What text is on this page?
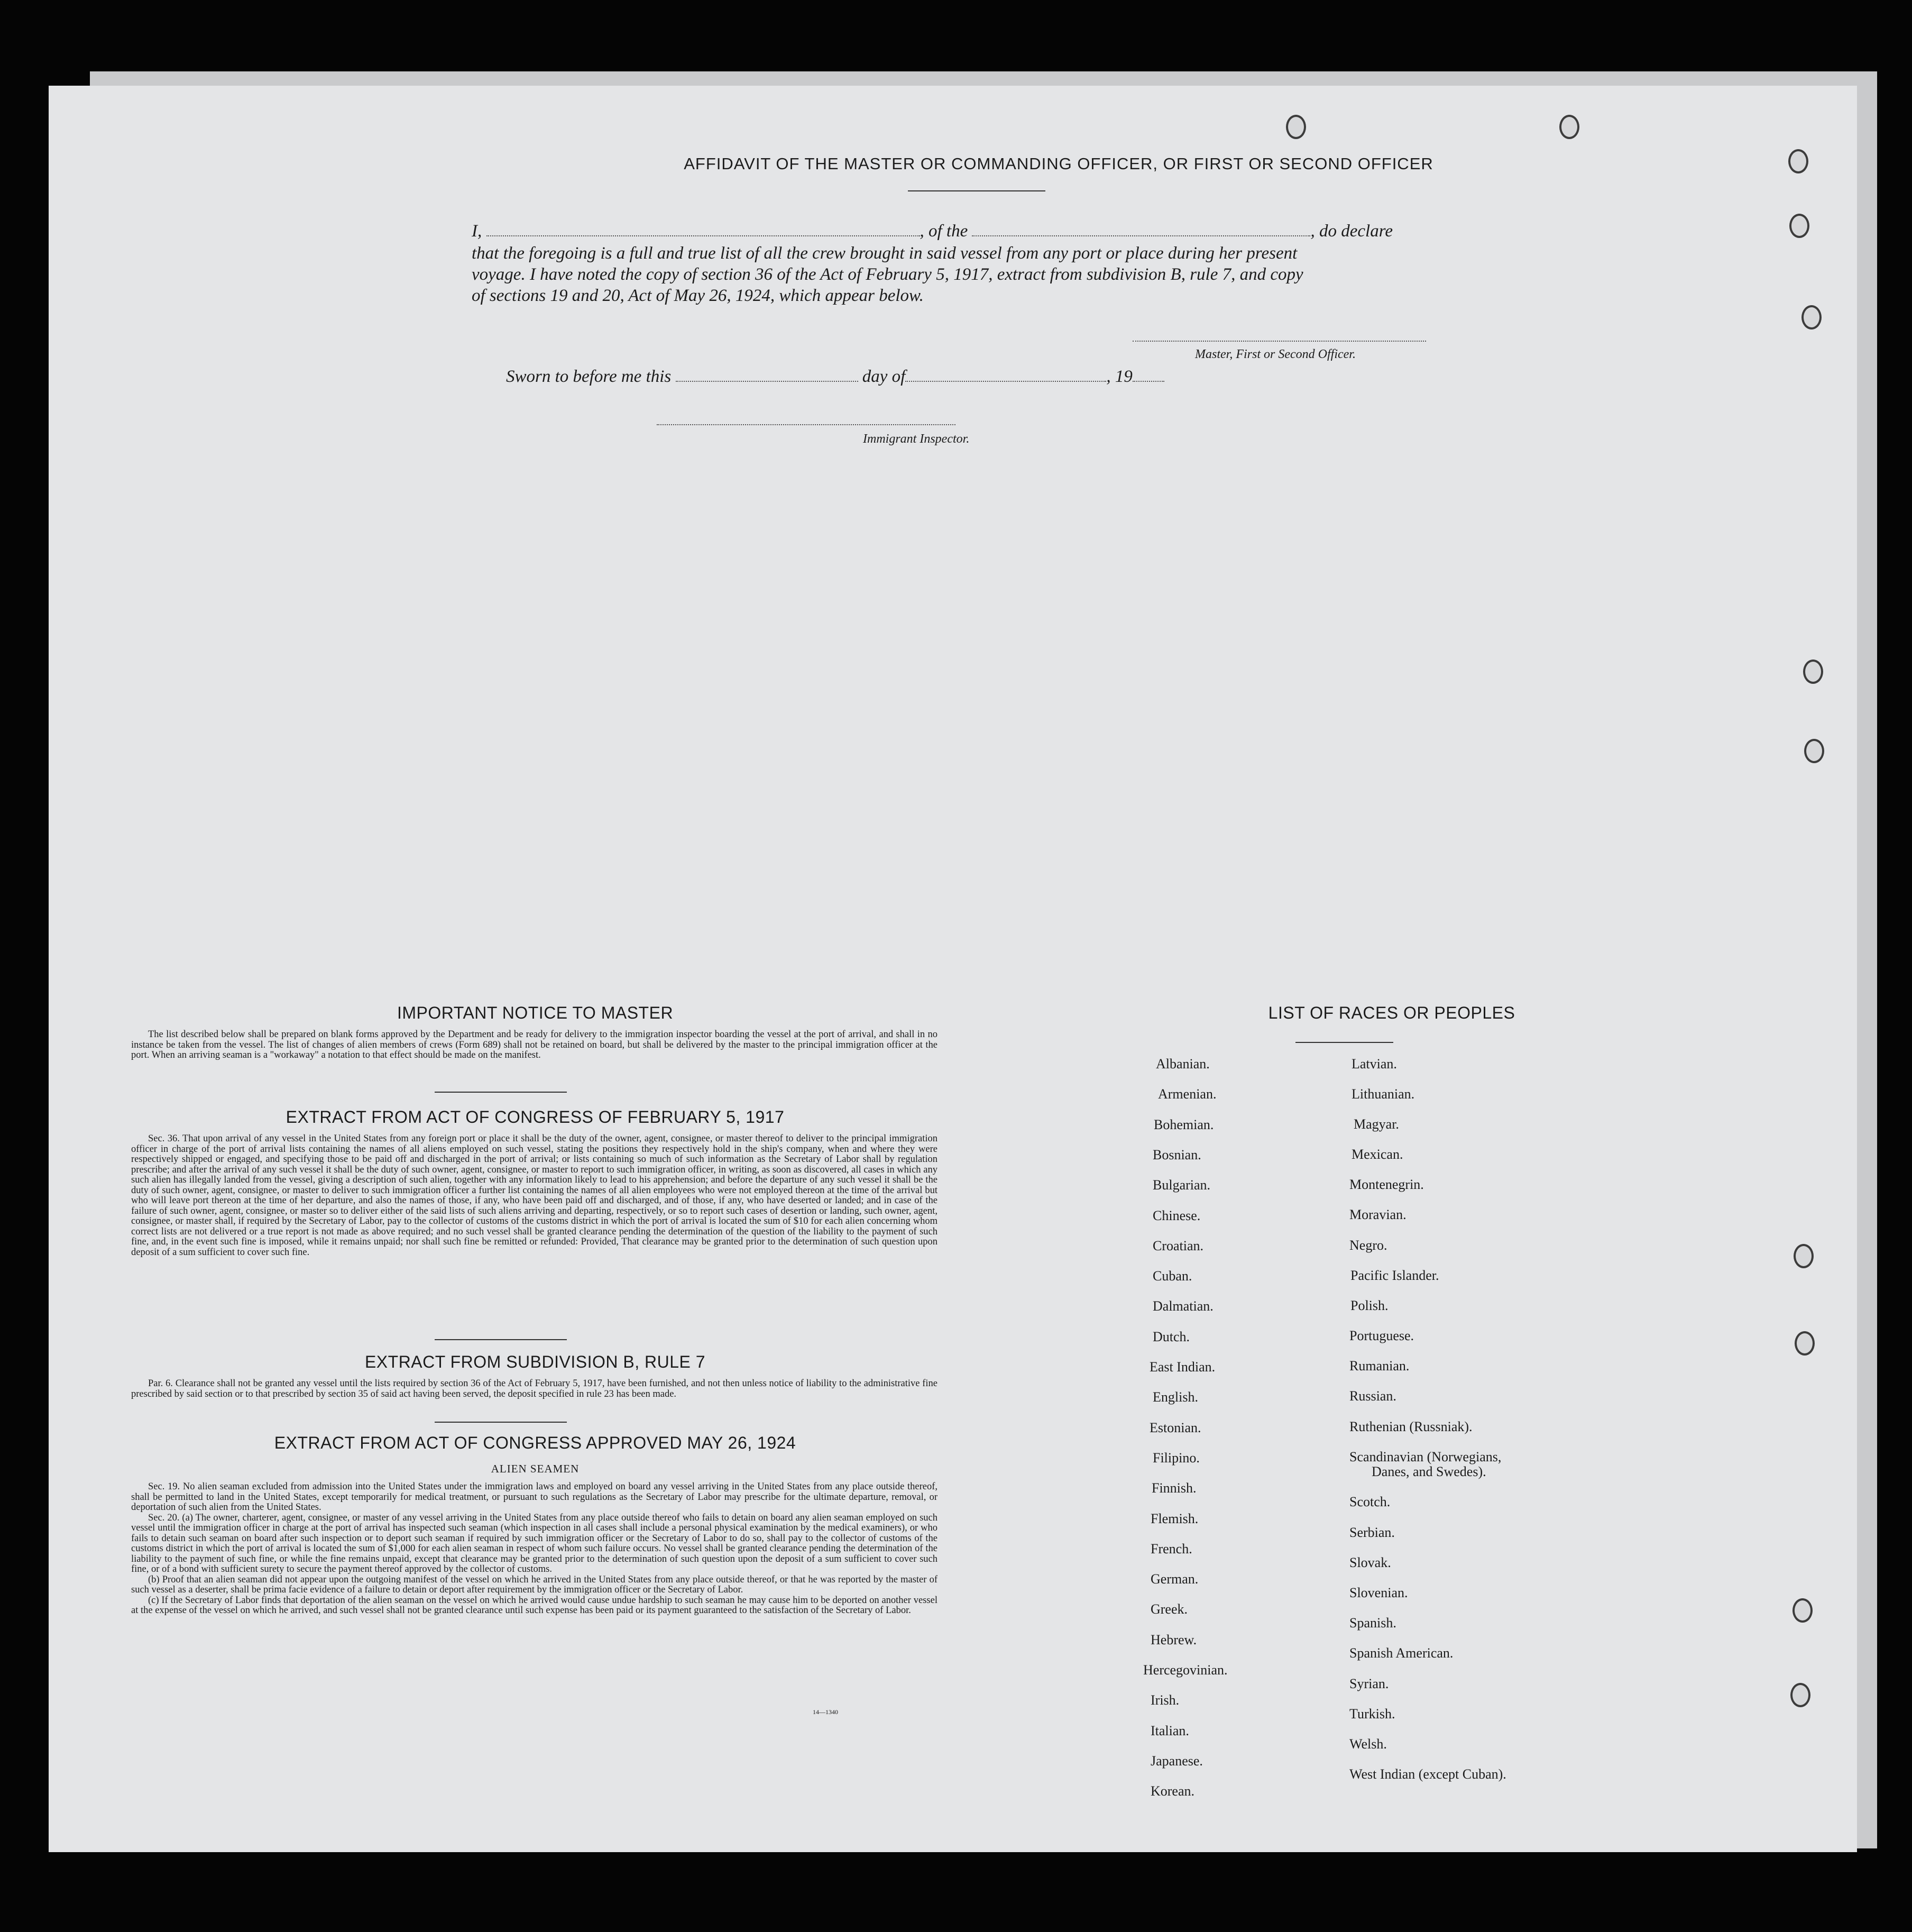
AFFIDAVIT OF THE MASTER OR COMMANDING OFFICER, OR FIRST OR SECOND OFFICER
I,	, of the	, do declare
that the foregoing is a full and true list of all the crew brought in said vessel from any port or place during her present
voyage. I have noted the copy of section 36 of the Act of February 5, 1917, extract from subdivision B, rule 7, and copy
of sections 19 and 20, Act of May 26, 1924, which appear below.
Master, First or Second Officer.
Sworn to before me this	day of	, 19
Immigrant Inspector.
IMPORTANT NOTICE TO MASTER

The list described below shall be prepared on blank forms approved by the Department and be ready for delivery to the immigration inspector boarding the vessel at the port of arrival, and shall in no instance be taken from the vessel. The list of changes of alien members of crews (Form 689) shall not be retained on board, but shall be delivered by the master to the principal immigration officer at the port. When an arriving seaman is a "workaway" a notation to that effect should be made on the manifest.

EXTRACT FROM ACT OF CONGRESS OF FEBRUARY 5, 1917

Sec. 36. That upon arrival of any vessel in the United States from any foreign port or place it shall be the duty of the owner, agent, consignee, or master thereof to deliver to the principal immigration officer in charge of the port of arrival lists containing the names of all aliens employed on such vessel, stating the positions they respectively hold in the ship's company, when and where they were respectively shipped or engaged, and specifying those to be paid off and discharged in the port of arrival; or lists containing so much of such information as the Secretary of Labor shall by regulation prescribe; and after the arrival of any such vessel it shall be the duty of such owner, agent, consignee, or master to report to such immigration officer, in writing, as soon as discovered, all cases in which any such alien has illegally landed from the vessel, giving a description of such alien, together with any information likely to lead to his apprehension; and before the departure of any such vessel it shall be the duty of such owner, agent, consignee, or master to deliver to such immigration officer a further list containing the names of all alien employees who were not employed thereon at the time of the arrival but who will leave port thereon at the time of her departure, and also the names of those, if any, who have been paid off and discharged, and of those, if any, who have deserted or landed; and in case of the failure of such owner, agent, consignee, or master so to deliver either of the said lists of such aliens arriving and departing, respectively, or so to report such cases of desertion or landing, such owner, agent, consignee, or master shall, if required by the Secretary of Labor, pay to the collector of customs of the customs district in which the port of arrival is located the sum of $10 for each alien concerning whom correct lists are not delivered or a true report is not made as above required; and no such vessel shall be granted clearance pending the determination of the question of the liability to the payment of such fine, and, in the event such fine is imposed, while it remains unpaid; nor shall such fine be remitted or refunded: Provided, That clearance may be granted prior to the determination of such question upon deposit of a sum sufficient to cover such fine.

EXTRACT FROM SUBDIVISION B, RULE 7

Par. 6. Clearance shall not be granted any vessel until the lists required by section 36 of the Act of February 5, 1917, have been furnished, and not then unless notice of liability to the administrative fine prescribed by said section or to that prescribed by section 35 of said act having been served, the deposit specified in rule 23 has been made.

EXTRACT FROM ACT OF CONGRESS APPROVED MAY 26, 1924
ALIEN SEAMEN

Sec. 19. No alien seaman excluded from admission into the United States under the immigration laws and employed on board any vessel arriving in the United States from any place outside thereof, shall be permitted to land in the United States, except temporarily for medical treatment, or pursuant to such regulations as the Secretary of Labor may prescribe for the ultimate departure, removal, or deportation of such alien from the United States.

Sec. 20. (a) The owner, charterer, agent, consignee, or master of any vessel arriving in the United States from any place outside thereof who fails to detain on board any alien seaman employed on such vessel until the immigration officer in charge at the port of arrival has inspected such seaman (which inspection in all cases shall include a personal physical examination by the medical examiners), or who fails to detain such seaman on board after such inspection or to deport such seaman if required by such immigration officer or the Secretary of Labor to do so, shall pay to the collector of customs of the customs district in which the port of arrival is located the sum of $1,000 for each alien seaman in respect of whom such failure occurs. No vessel shall be granted clearance pending the determination of the liability to the payment of such fine, or while the fine remains unpaid, except that clearance may be granted prior to the determination of such question upon the deposit of a sum sufficient to cover such fine, or of a bond with sufficient surety to secure the payment thereof approved by the collector of customs.

(b) Proof that an alien seaman did not appear upon the outgoing manifest of the vessel on which he arrived in the United States from any place outside thereof, or that he was reported by the master of such vessel as a deserter, shall be prima facie evidence of a failure to detain or deport after requirement by the immigration officer or the Secretary of Labor.

(c) If the Secretary of Labor finds that deportation of the alien seaman on the vessel on which he arrived would cause undue hardship to such seaman he may cause him to be deported on another vessel at the expense of the vessel on which he arrived, and such vessel shall not be granted clearance until such expense has been paid or its payment guaranteed to the satisfaction of the Secretary of Labor.

14—1340
LIST OF RACES OR PEOPLES
Albanian.
Armenian.
Bohemian.
Bosnian.
Bulgarian.
Chinese.
Croatian.
Cuban.
Dalmatian.
Dutch.
East Indian.
English.
Estonian.
Filipino.
Finnish.
Flemish.
French.
German.
Greek.
Hebrew.
Hercegovinian.
Irish.
Italian.
Japanese.
Korean.
Latvian.
Lithuanian.
Magyar.
Mexican.
Montenegrin.
Moravian.
Negro.
Pacific Islander.
Polish.
Portuguese.
Rumanian.
Russian.
Ruthenian (Russniak).
Scandinavian (Norwegians,
Danes, and Swedes).
Scotch.
Serbian.
Slovak.
Slovenian.
Spanish.
Spanish American.
Syrian.
Turkish.
Welsh.
West Indian (except Cuban).
